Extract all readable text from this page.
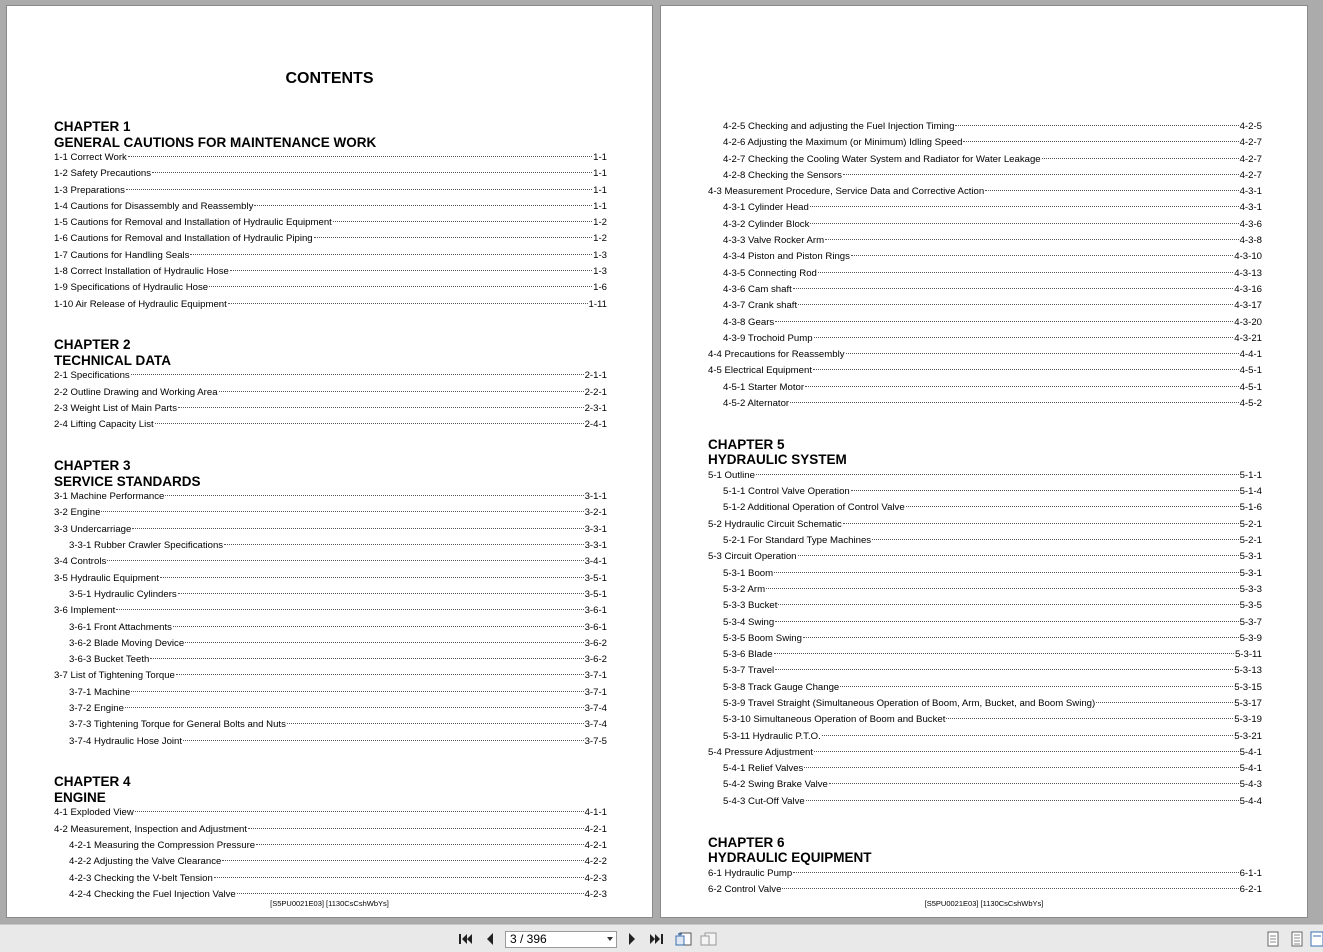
CONTENTS
CHAPTER 1
GENERAL CAUTIONS FOR MAINTENANCE WORK
1-1 Correct Work	1-1
1-2 Safety Precautions	1-1
1-3 Preparations	1-1
1-4 Cautions for Disassembly and Reassembly	1-1
1-5 Cautions for Removal and Installation of Hydraulic Equipment	1-2
1-6 Cautions for Removal and Installation of Hydraulic Piping	1-2
1-7 Cautions for Handling Seals	1-3
1-8 Correct Installation of Hydraulic Hose	1-3
1-9 Specifications of Hydraulic Hose	1-6
1-10 Air Release of Hydraulic Equipment	1-11
CHAPTER 2
TECHNICAL DATA
2-1 Specifications	2-1-1
2-2 Outline Drawing and Working Area	2-2-1
2-3 Weight List of Main Parts	2-3-1
2-4 Lifting Capacity List	2-4-1
CHAPTER 3
SERVICE STANDARDS
3-1 Machine Performance	3-1-1
3-2 Engine	3-2-1
3-3 Undercarriage	3-3-1
3-3-1 Rubber Crawler Specifications	3-3-1
3-4 Controls	3-4-1
3-5 Hydraulic Equipment	3-5-1
3-5-1 Hydraulic Cylinders	3-5-1
3-6 Implement	3-6-1
3-6-1 Front Attachments	3-6-1
3-6-2 Blade Moving Device	3-6-2
3-6-3 Bucket Teeth	3-6-2
3-7 List of Tightening Torque	3-7-1
3-7-1 Machine	3-7-1
3-7-2 Engine	3-7-4
3-7-3 Tightening Torque for General Bolts and Nuts	3-7-4
3-7-4 Hydraulic Hose Joint	3-7-5
CHAPTER 4
ENGINE
4-1 Exploded View	4-1-1
4-2 Measurement, Inspection and Adjustment	4-2-1
4-2-1 Measuring the Compression Pressure	4-2-1
4-2-2 Adjusting the Valve Clearance	4-2-2
4-2-3 Checking the V-belt Tension	4-2-3
4-2-4 Checking the Fuel Injection Valve	4-2-3
[S5PU0021E03] [1130CsCshWbYs]
4-2-5 Checking and adjusting the Fuel Injection Timing	4-2-5
4-2-6 Adjusting the Maximum (or Minimum) Idling Speed	4-2-7
4-2-7 Checking the Cooling Water System and Radiator for Water Leakage	4-2-7
4-2-8 Checking the Sensors	4-2-7
4-3 Measurement Procedure, Service Data and Corrective Action	4-3-1
4-3-1 Cylinder Head	4-3-1
4-3-2 Cylinder Block	4-3-6
4-3-3 Valve Rocker Arm	4-3-8
4-3-4 Piston and Piston Rings	4-3-10
4-3-5 Connecting Rod	4-3-13
4-3-6 Cam shaft	4-3-16
4-3-7 Crank shaft	4-3-17
4-3-8 Gears	4-3-20
4-3-9 Trochoid Pump	4-3-21
4-4 Precautions for Reassembly	4-4-1
4-5 Electrical Equipment	4-5-1
4-5-1 Starter Motor	4-5-1
4-5-2 Alternator	4-5-2
CHAPTER 5
HYDRAULIC SYSTEM
5-1 Outline	5-1-1
5-1-1 Control Valve Operation	5-1-4
5-1-2 Additional Operation of Control Valve	5-1-6
5-2 Hydraulic Circuit Schematic	5-2-1
5-2-1 For Standard Type Machines	5-2-1
5-3 Circuit Operation	5-3-1
5-3-1 Boom	5-3-1
5-3-2 Arm	5-3-3
5-3-3 Bucket	5-3-5
5-3-4 Swing	5-3-7
5-3-5 Boom Swing	5-3-9
5-3-6 Blade	5-3-11
5-3-7 Travel	5-3-13
5-3-8 Track Gauge Change	5-3-15
5-3-9 Travel Straight (Simultaneous Operation of Boom, Arm, Bucket, and Boom Swing)	5-3-17
5-3-10 Simultaneous Operation of Boom and Bucket	5-3-19
5-3-11 Hydraulic P.T.O.	5-3-21
5-4 Pressure Adjustment	5-4-1
5-4-1 Relief Valves	5-4-1
5-4-2 Swing Brake Valve	5-4-3
5-4-3 Cut-Off Valve	5-4-4
CHAPTER 6
HYDRAULIC EQUIPMENT
6-1 Hydraulic Pump	6-1-1
6-2 Control Valve	6-2-1
[S5PU0021E03] [1130CsCshWbYs]
3 / 396
